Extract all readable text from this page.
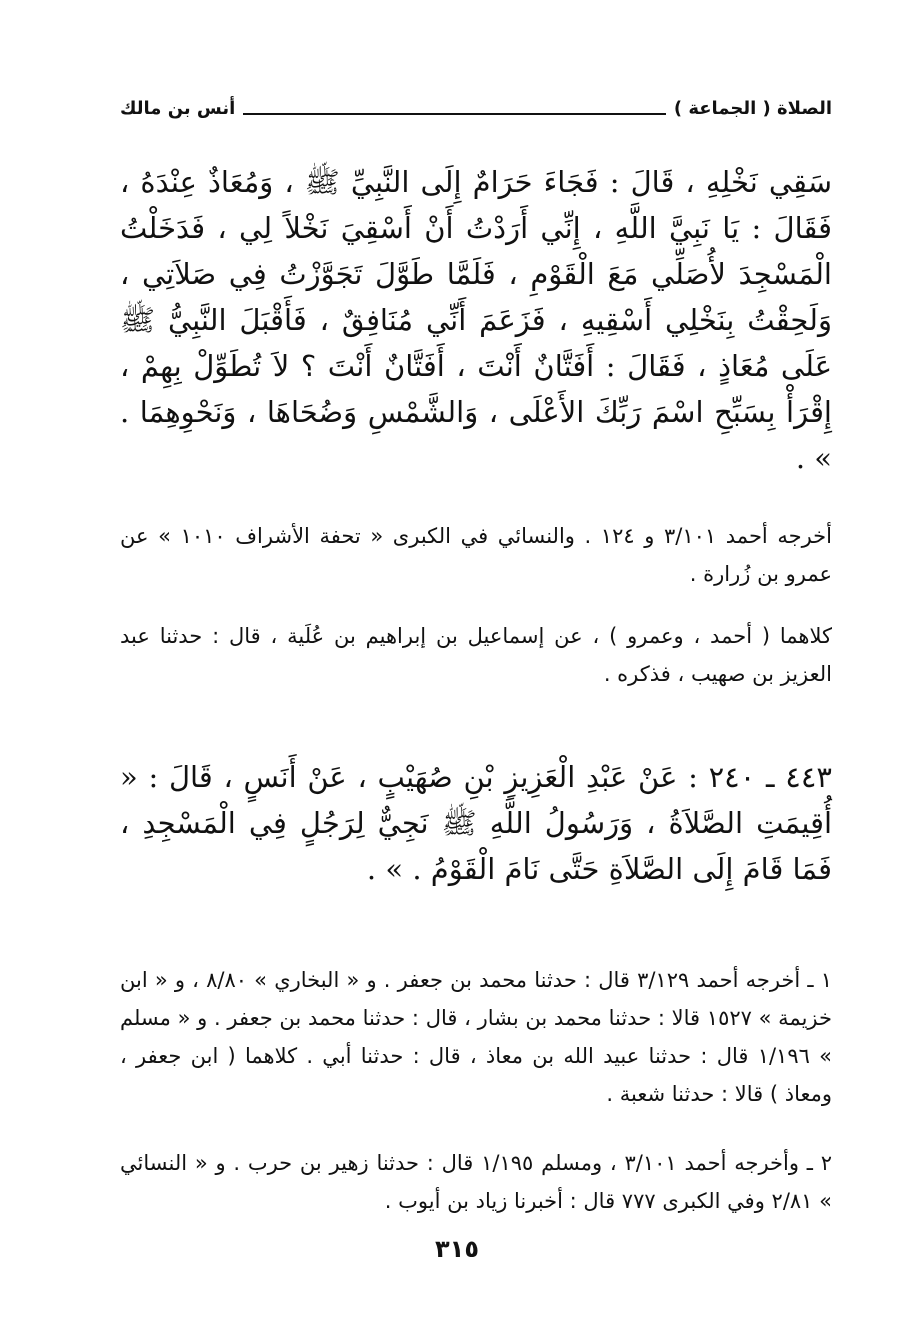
الصلاة ( الجماعة )
أنس بن مالك

سَقِي نَخْلِهِ ، قَالَ : فَجَاءَ حَرَامٌ إِلَى النَّبِيِّ ﷺ ، وَمُعَاذٌ عِنْدَهُ ، فَقَالَ : يَا نَبِيَّ اللَّهِ ، إِنِّي أَرَدْتُ أَنْ أَسْقِيَ نَخْلاً لِي ، فَدَخَلْتُ الْمَسْجِدَ لأُصَلِّي مَعَ الْقَوْمِ ، فَلَمَّا طَوَّلَ تَجَوَّزْتُ فِي صَلاَتِي ، وَلَحِقْتُ بِنَخْلِي أَسْقِيهِ ، فَزَعَمَ أَنِّي مُنَافِقٌ ، فَأَقْبَلَ النَّبِيُّ ﷺ عَلَى مُعَاذٍ ، فَقَالَ : أَفَتَّانٌ أَنْتَ ، أَفَتَّانٌ أَنْتَ ؟ لاَ تُطَوِّلْ بِهِمْ ، إِقْرَأْ بِسَبِّحِ اسْمَ رَبِّكَ الأَعْلَى ، وَالشَّمْسِ وَضُحَاهَا ، وَنَحْوِهِمَا . » .

أخرجه أحمد ٣/١٠١ و ١٢٤ . والنسائي في الكبرى « تحفة الأشراف ١٠١٠ » عن عمرو بن زُرارة .

كلاهما ( أحمد ، وعمرو ) ، عن إسماعيل بن إبراهيم بن عُلَية ، قال : حدثنا عبد العزيز بن صهيب ، فذكره .

٤٤٣ ـ ٢٤٠ : عَنْ عَبْدِ الْعَزِيزِ بْنِ صُهَيْبٍ ، عَنْ أَنَسٍ ، قَالَ : « أُقِيمَتِ الصَّلاَةُ ، وَرَسُولُ اللَّهِ ﷺ نَجِيٌّ لِرَجُلٍ فِي الْمَسْجِدِ ، فَمَا قَامَ إِلَى الصَّلاَةِ حَتَّى نَامَ الْقَوْمُ . » .

١ ـ أخرجه أحمد ٣/١٢٩ قال : حدثنا محمد بن جعفر . و « البخاري » ٨/٨٠ ، و « ابن خزيمة » ١٥٢٧ قالا : حدثنا محمد بن بشار ، قال : حدثنا محمد بن جعفر . و « مسلم » ١/١٩٦ قال : حدثنا عبيد الله بن معاذ ، قال : حدثنا أبي . كلاهما ( ابن جعفر ، ومعاذ ) قالا : حدثنا شعبة .

٢ ـ وأخرجه أحمد ٣/١٠١ ، ومسلم ١/١٩٥ قال : حدثنا زهير بن حرب . و « النسائي » ٢/٨١ وفي الكبرى ٧٧٧ قال : أخبرنا زياد بن أيوب .

٣١٥
